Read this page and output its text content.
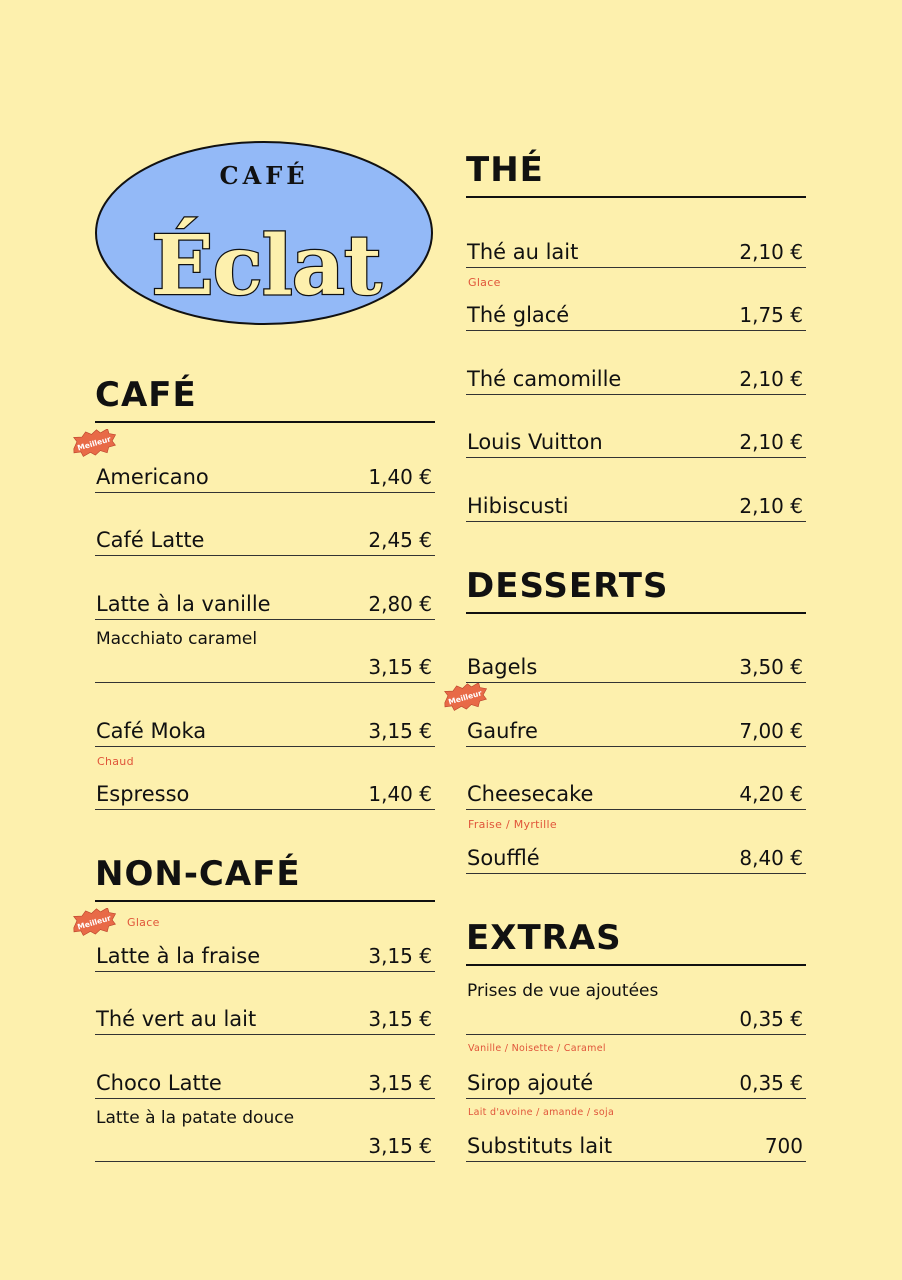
CAFÉ
Éclat
CAFÉ
Meilleur
Americano	1,40 €
Café Latte	2,45 €
Latte à la vanille	2,80 €
Macchiato caramel
3,15 €
Café Moka	3,15 €
Chaud
Espresso	1,40 €
NON-CAFÉ
Meilleur Glace
Latte à la fraise	3,15 €
Thé vert au lait	3,15 €
Choco Latte	3,15 €
Latte à la patate douce
3,15 €
THÉ
Thé au lait	2,10 €
Glace
Thé glacé	1,75 €
Thé camomille	2,10 €
Louis Vuitton	2,10 €
Hibiscusti	2,10 €
DESSERTS
Bagels	3,50 €
Meilleur
Gaufre	7,00 €
Cheesecake	4,20 €
Fraise / Myrtille
Soufflé	8,40 €
EXTRAS
Prises de vue ajoutées
0,35 €
Vanille / Noisette / Caramel
Sirop ajouté	0,35 €
Lait d'avoine / amande / soja
Substituts lait	700
